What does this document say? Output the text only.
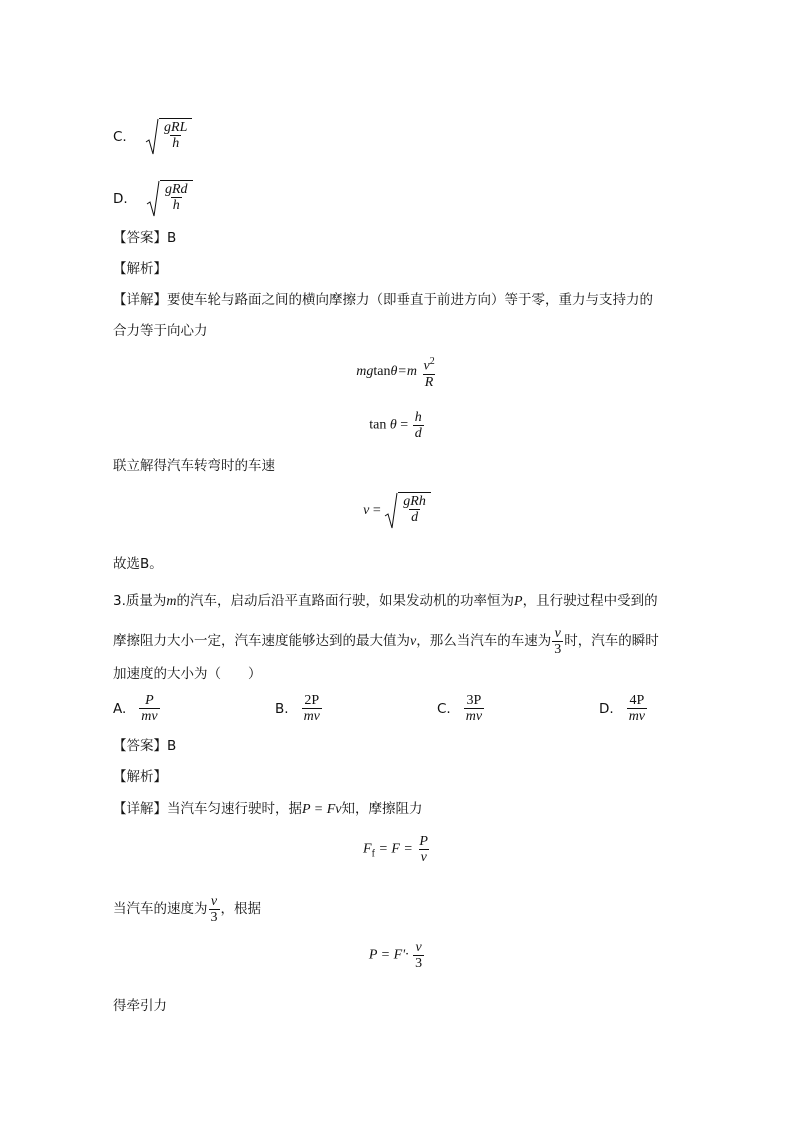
C.	$\frac{\text{gRL}}{h}$
D.	$\frac{\text{gRd}}{h}$
【答案】B
【解析】
【详解】要使车轮与路面之间的横向摩擦力（即垂直于前进方向）等于零，重力与支持力的
合力等于向心力
$mgtan\theta=m \frac{v^2}{R}$
$\tan \theta = \frac{h}{d}$
联立解得汽车转弯时的车速
$v = \frac{\text{gRh}}{d}$
故选B。
3.质量为m的汽车，启动后沿平直路面行驶，如果发动机的功率恒为P，且行驶过程中受到的
摩擦阻力大小一定，汽车速度能够达到的最大值为v，那么当汽车的车速为 $\frac{v}{3}$ 时，汽车的瞬时
加速度的大小为（　　）
A. $\frac{P}{mv}$	B. $\frac{2P}{mv}$	C. $\frac{3P}{mv}$	D. $\frac{4P}{mv}$
【答案】B
【解析】
【详解】当汽车匀速行驶时，据P = Fv知，摩擦阻力
$F_f = F = \frac{P}{v}$
当汽车的速度为 $\frac{v}{3}$ ，根据
$P = F'\cdot \frac{v}{3}$
得牵引力
